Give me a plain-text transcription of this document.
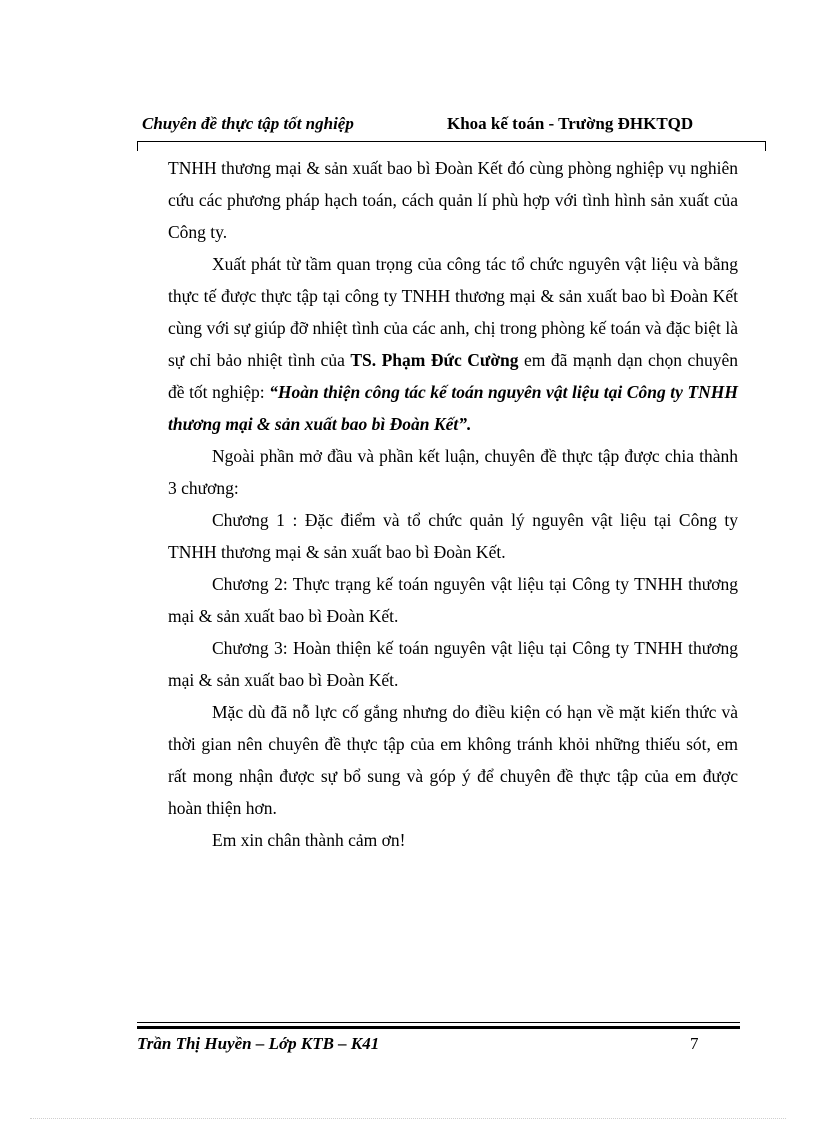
Chuyên đề thực tập tốt nghiệp	Khoa kế toán - Trường ĐHKTQD

TNHH thương mại & sản xuất bao bì Đoàn Kết đó cùng phòng nghiệp vụ nghiên cứu các phương pháp hạch toán, cách quản lí phù hợp với tình hình sản xuất của Công ty.

Xuất phát từ tầm quan trọng của công tác tổ chức nguyên vật liệu và bằng thực tế được thực tập tại công ty TNHH thương mại & sản xuất bao bì Đoàn Kết cùng với sự giúp đỡ nhiệt tình của các anh, chị trong phòng kế toán và đặc biệt là sự chỉ bảo nhiệt tình của TS. Phạm Đức Cường em đã mạnh dạn chọn chuyên đề tốt nghiệp: “Hoàn thiện công tác kế toán nguyên vật liệu tại Công ty TNHH thương mại & sản xuất bao bì Đoàn Kết”.

Ngoài phần mở đầu và phần kết luận, chuyên đề thực tập được chia thành 3 chương:

Chương 1 : Đặc điểm và tổ chức quản lý nguyên vật liệu tại Công ty TNHH thương mại & sản xuất bao bì Đoàn Kết.

Chương 2: Thực trạng kế toán nguyên vật liệu tại Công ty TNHH thương mại & sản xuất bao bì Đoàn Kết.

Chương 3: Hoàn thiện kế toán nguyên vật liệu tại Công ty TNHH thương mại & sản xuất bao bì Đoàn Kết.

Mặc dù đã nỗ lực cố gắng nhưng do điều kiện có hạn về mặt kiến thức và thời gian nên chuyên đề thực tập của em không tránh khỏi những thiếu sót, em rất mong nhận được sự bổ sung và góp ý để chuyên đề thực tập của em được hoàn thiện hơn.

Em xin chân thành cảm ơn!

Trần Thị Huyền – Lớp KTB – K41	7
